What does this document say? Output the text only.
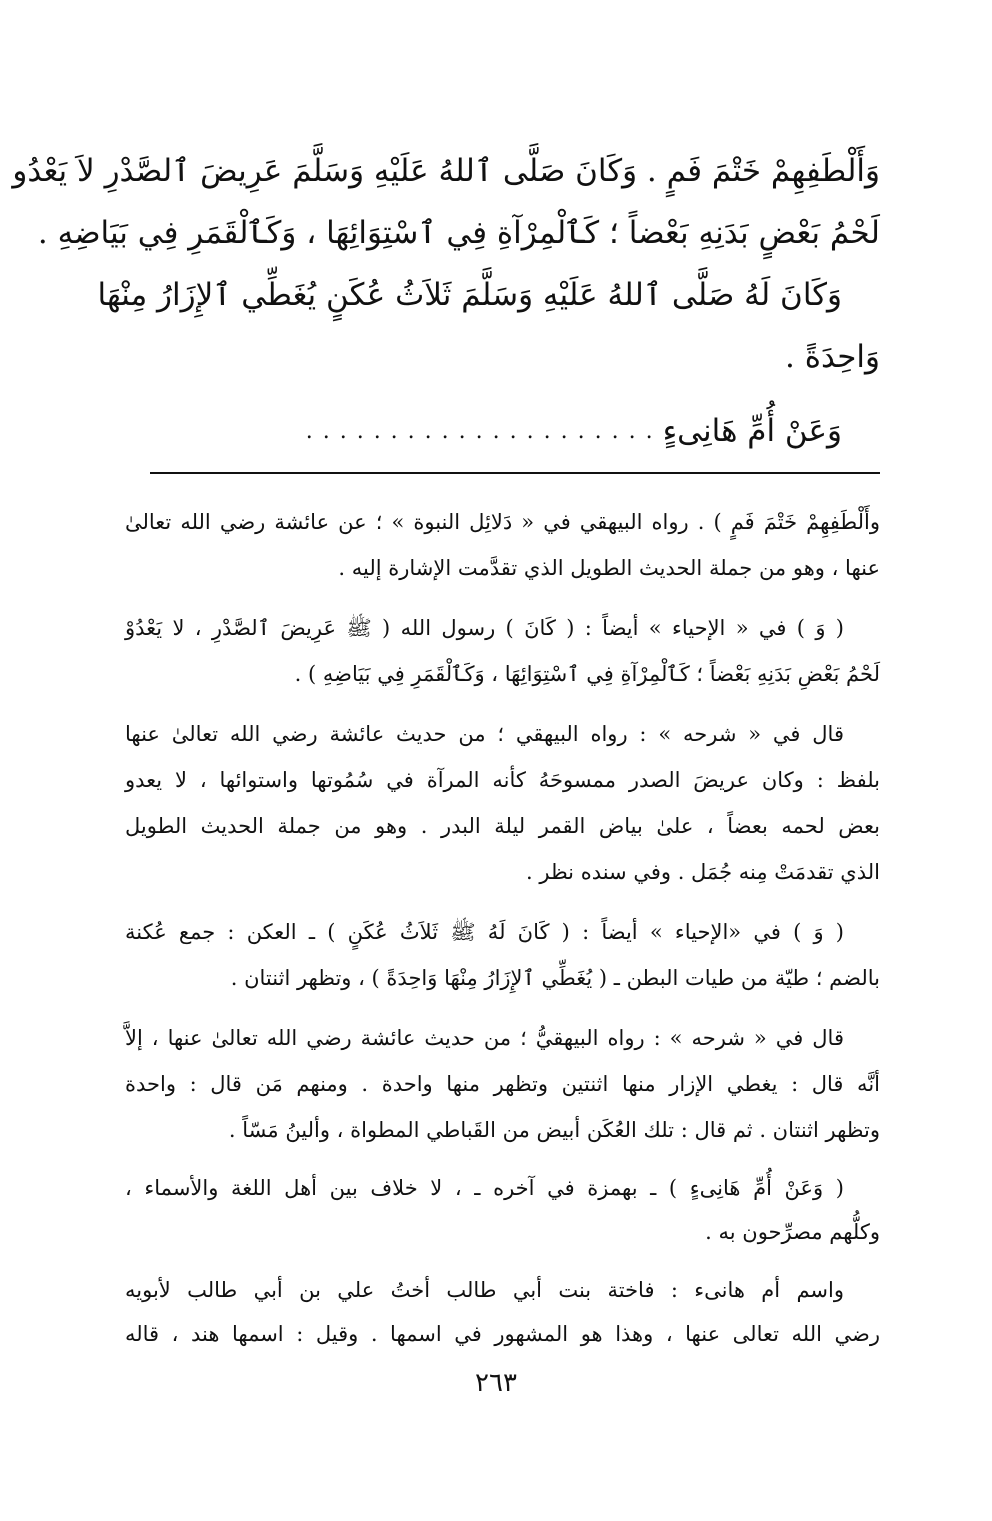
وَأَلْطَفِهِمْ خَتْمَ فَمٍ . وَكَانَ صَلَّى ٱللهُ عَلَيْهِ وَسَلَّمَ عَرِيضَ ٱلصَّدْرِ لاَ يَعْدُو
لَحْمُ بَعْضٍ بَدَنِهِ بَعْضاً ؛ كَٱلْمِرْآةِ فِي ٱسْتِوَائِهَا ، وَكَٱلْقَمَرِ فِي بَيَاضِهِ .
وَكَانَ لَهُ صَلَّى ٱللهُ عَلَيْهِ وَسَلَّمَ ثَلاَثُ عُكَنٍ يُغَطِّي ٱلإِزَارُ مِنْهَا
وَاحِدَةً .
وَعَنْ أُمِّ هَانِىءٍ
.....................
وأَلْطَفِهِمْ خَتْمَ فَمٍ ) . رواه البيهقي في « دَلائِل النبوة » ؛ عن عائشة رضي الله تعالىٰ
عنها ، وهو من جملة الحديث الطويل الذي تقدَّمت الإشارة إليه .
( وَ ) في « الإحياء » أيضاً : ( كَانَ ) رسول الله ( ﷺ عَرِيضَ ٱلصَّدْرِ ، لا يَعْدُوْ
لَحْمُ بَعْضِ بَدَنِهِ بَعْضاً ؛ كَٱلْمِرْآةِ فِي ٱسْتِوَائِهَا ، وَكَٱلْقَمَرِ فِي بَيَاضِهِ ) .
قال في « شرحه » : رواه البيهقي ؛ من حديث عائشة رضي الله تعالىٰ عنها
بلفظ : وكان عريضَ الصدر ممسوحَهُ كأنه المرآة في سُمُوتها واستوائها ، لا يعدو
بعض لحمه بعضاً ، علىٰ بياض القمر ليلة البدر . وهو من جملة الحديث الطويل
الذي تقدمَتْ مِنه جُمَل . وفي سنده نظر .
( وَ ) في «الإحياء » أيضاً : ( كَانَ لَهُ ﷺ ثَلاَثُ عُكَنٍ ) ـ العكن : جمع عُكنة
بالضم ؛ طيّة من طيات البطن ـ ( يُغَطِّي ٱلإِزَارُ مِنْهَا وَاحِدَةً ) ، وتظهر اثنتان .
قال في « شرحه » : رواه البيهقيُّ ؛ من حديث عائشة رضي الله تعالىٰ عنها ، إلاَّ
أنَّه قال : يغطي الإزار منها اثنتين وتظهر منها واحدة . ومنهم مَن قال : واحدة
وتظهر اثنتان . ثم قال : تلك العُكَن أبيض من القَباطي المطواة ، وألينُ مَسّاً .
( وَعَنْ أُمِّ هَانِىءٍ ) ـ بهمزة في آخره ـ ، لا خلاف بين أهل اللغة والأسماء ،
وكلُّهم مصرِّحون به .
واسم أم هانىء : فاختة بنت أبي طالب أختُ علي بن أبي طالب لأبويه
رضي الله تعالى عنها ، وهذا هو المشهور في اسمها . وقيل : اسمها هند ، قاله
٢٦٣
